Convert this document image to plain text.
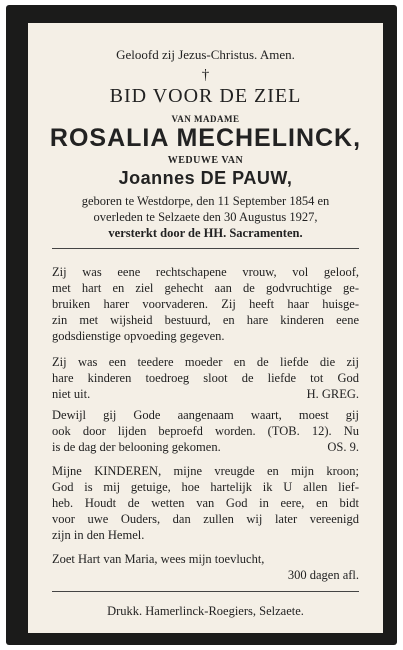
Geloofd zij Jezus-Christus. Amen.
†
BID VOOR DE ZIEL
VAN MADAME
ROSALIA MECHELINCK,
WEDUWE VAN
Joannes DE PAUW,
geboren te Westdorpe, den 11 September 1854 en
overleden te Selzaete den 30 Augustus 1927,
versterkt door de HH. Sacramenten.
Zij was eene rechtschapene vrouw, vol geloof,
met hart en ziel gehecht aan de godvruchtige ge-
bruiken harer voorvaderen. Zij heeft haar huisge-
zin met wijsheid bestuurd, en hare kinderen eene
godsdienstige opvoeding gegeven.
Zij was een teedere moeder en de liefde die zij
hare kinderen toedroeg sloot de liefde tot God
niet uit.	H. GREG.
Dewijl gij Gode aangenaam waart, moest gij
ook door lijden beproefd worden. (TOB. 12). Nu
is de dag der belooning gekomen.	OS. 9.
Mijne KINDEREN, mijne vreugde en mijn kroon;
God is mij getuige, hoe hartelijk ik U allen lief-
heb. Houdt de wetten van God in eere, en bidt
voor uwe Ouders, dan zullen wij later vereenigd
zijn in den Hemel.
Zoet Hart van Maria, wees mijn toevlucht,
300 dagen afl.
Drukk. Hamerlinck-Roegiers, Selzaete.
